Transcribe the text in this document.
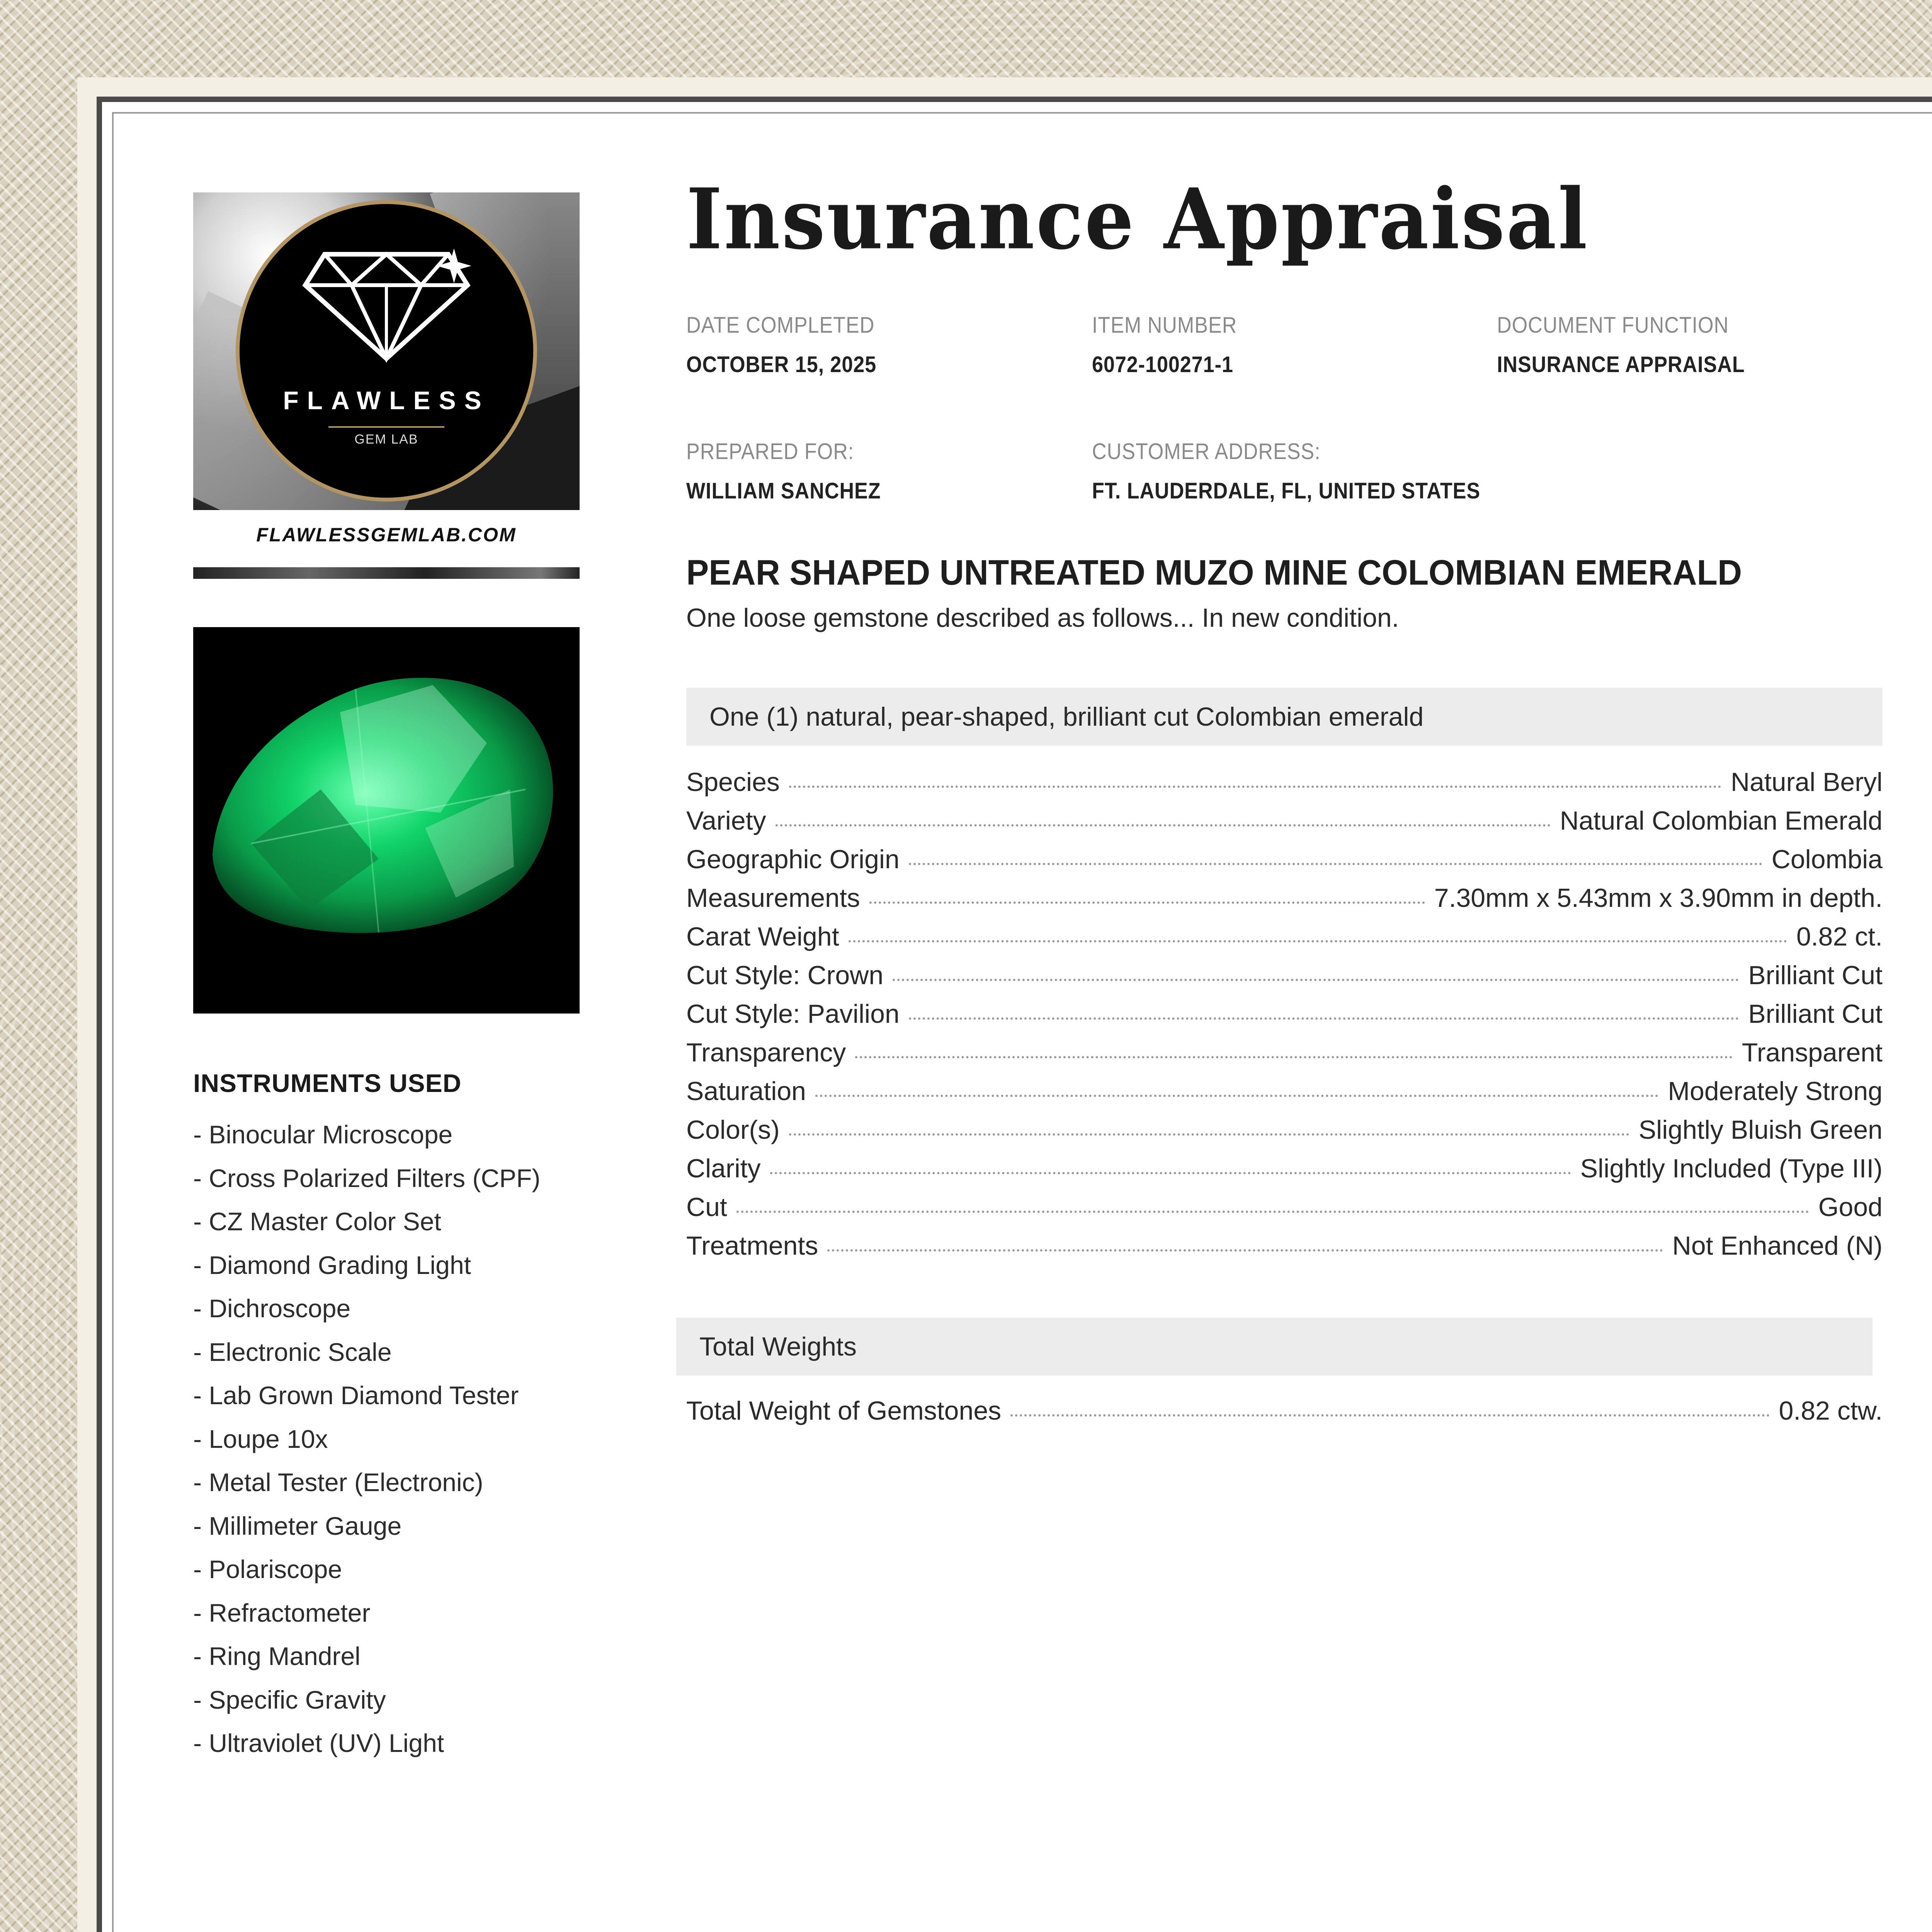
FLAWLESS
GEM LAB
FLAWLESSGEMLAB.COM
INSTRUMENTS USED
- Binocular Microscope
- Cross Polarized Filters (CPF)
- CZ Master Color Set
- Diamond Grading Light
- Dichroscope
- Electronic Scale
- Lab Grown Diamond Tester
- Loupe 10x
- Metal Tester (Electronic)
- Millimeter Gauge
- Polariscope
- Refractometer
- Ring Mandrel
- Specific Gravity
- Ultraviolet (UV) Light
Insurance Appraisal
DATE COMPLETED
OCTOBER 15, 2025
ITEM NUMBER
6072-100271-1
DOCUMENT FUNCTION
INSURANCE APPRAISAL
PREPARED FOR:
WILLIAM SANCHEZ
CUSTOMER ADDRESS:
FT. LAUDERDALE, FL, UNITED STATES
PEAR SHAPED UNTREATED MUZO MINE COLOMBIAN EMERALD
One loose gemstone described as follows... In new condition.
One (1) natural, pear-shaped, brilliant cut Colombian emerald
Species	Natural Beryl
Variety	Natural Colombian Emerald
Geographic Origin	Colombia
Measurements	7.30mm x 5.43mm x 3.90mm in depth.
Carat Weight	0.82 ct.
Cut Style: Crown	Brilliant Cut
Cut Style: Pavilion	Brilliant Cut
Transparency	Transparent
Saturation	Moderately Strong
Color(s)	Slightly Bluish Green
Clarity	Slightly Included (Type III)
Cut	Good
Treatments	Not Enhanced (N)
Total Weights
Total Weight of Gemstones	0.82 ctw.
